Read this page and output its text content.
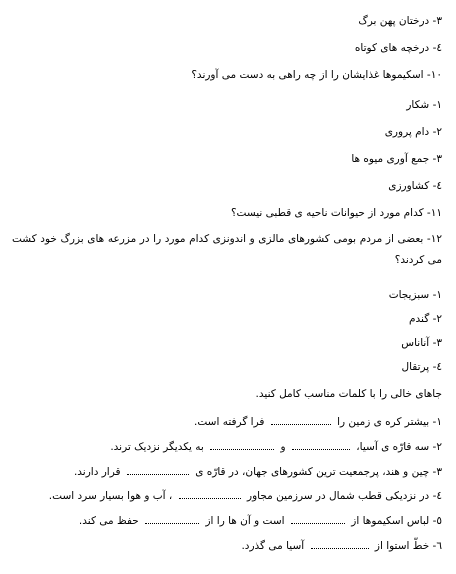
٣- درختان پهن برگ
٤- درخچه های کوتاه
١٠- اسکیموها غذایشان را از چه راهی به دست می آورند؟
١- شکار
٢- دام پروری
٣- جمع آوری میوه ها
٤- کشاورزی
١١- کدام مورد از حیوانات ناحیه ی قطبی نیست؟
١٢- بعضی از مردم بومی کشورهای مالزی و اندونزی کدام مورد را در مزرعه های بزرگ خود کشت می کردند؟
١- سبزیجات
٢- گندم
٣- آناناس
٤- پرتقال
جاهای خالی را با کلمات مناسب کامل کنید.
١- بیشتر کره ی زمین را  فرا گرفته است.
٢- سه قارّه ی آسیا،  و  به یکدیگر نزدیک ترند.
٣- چین و هند، پرجمعیت ترین کشورهای جهان، در قارّه ی  قرار دارند.
٤- در نزدیکی قطب شمال در سرزمین مجاور  ، آب و هوا بسیار سرد است.
٥- لباس اسکیموها از  است و آن ها را از  حفظ می کند.
٦- خطّ استوا از  آسیا می گذرد.
